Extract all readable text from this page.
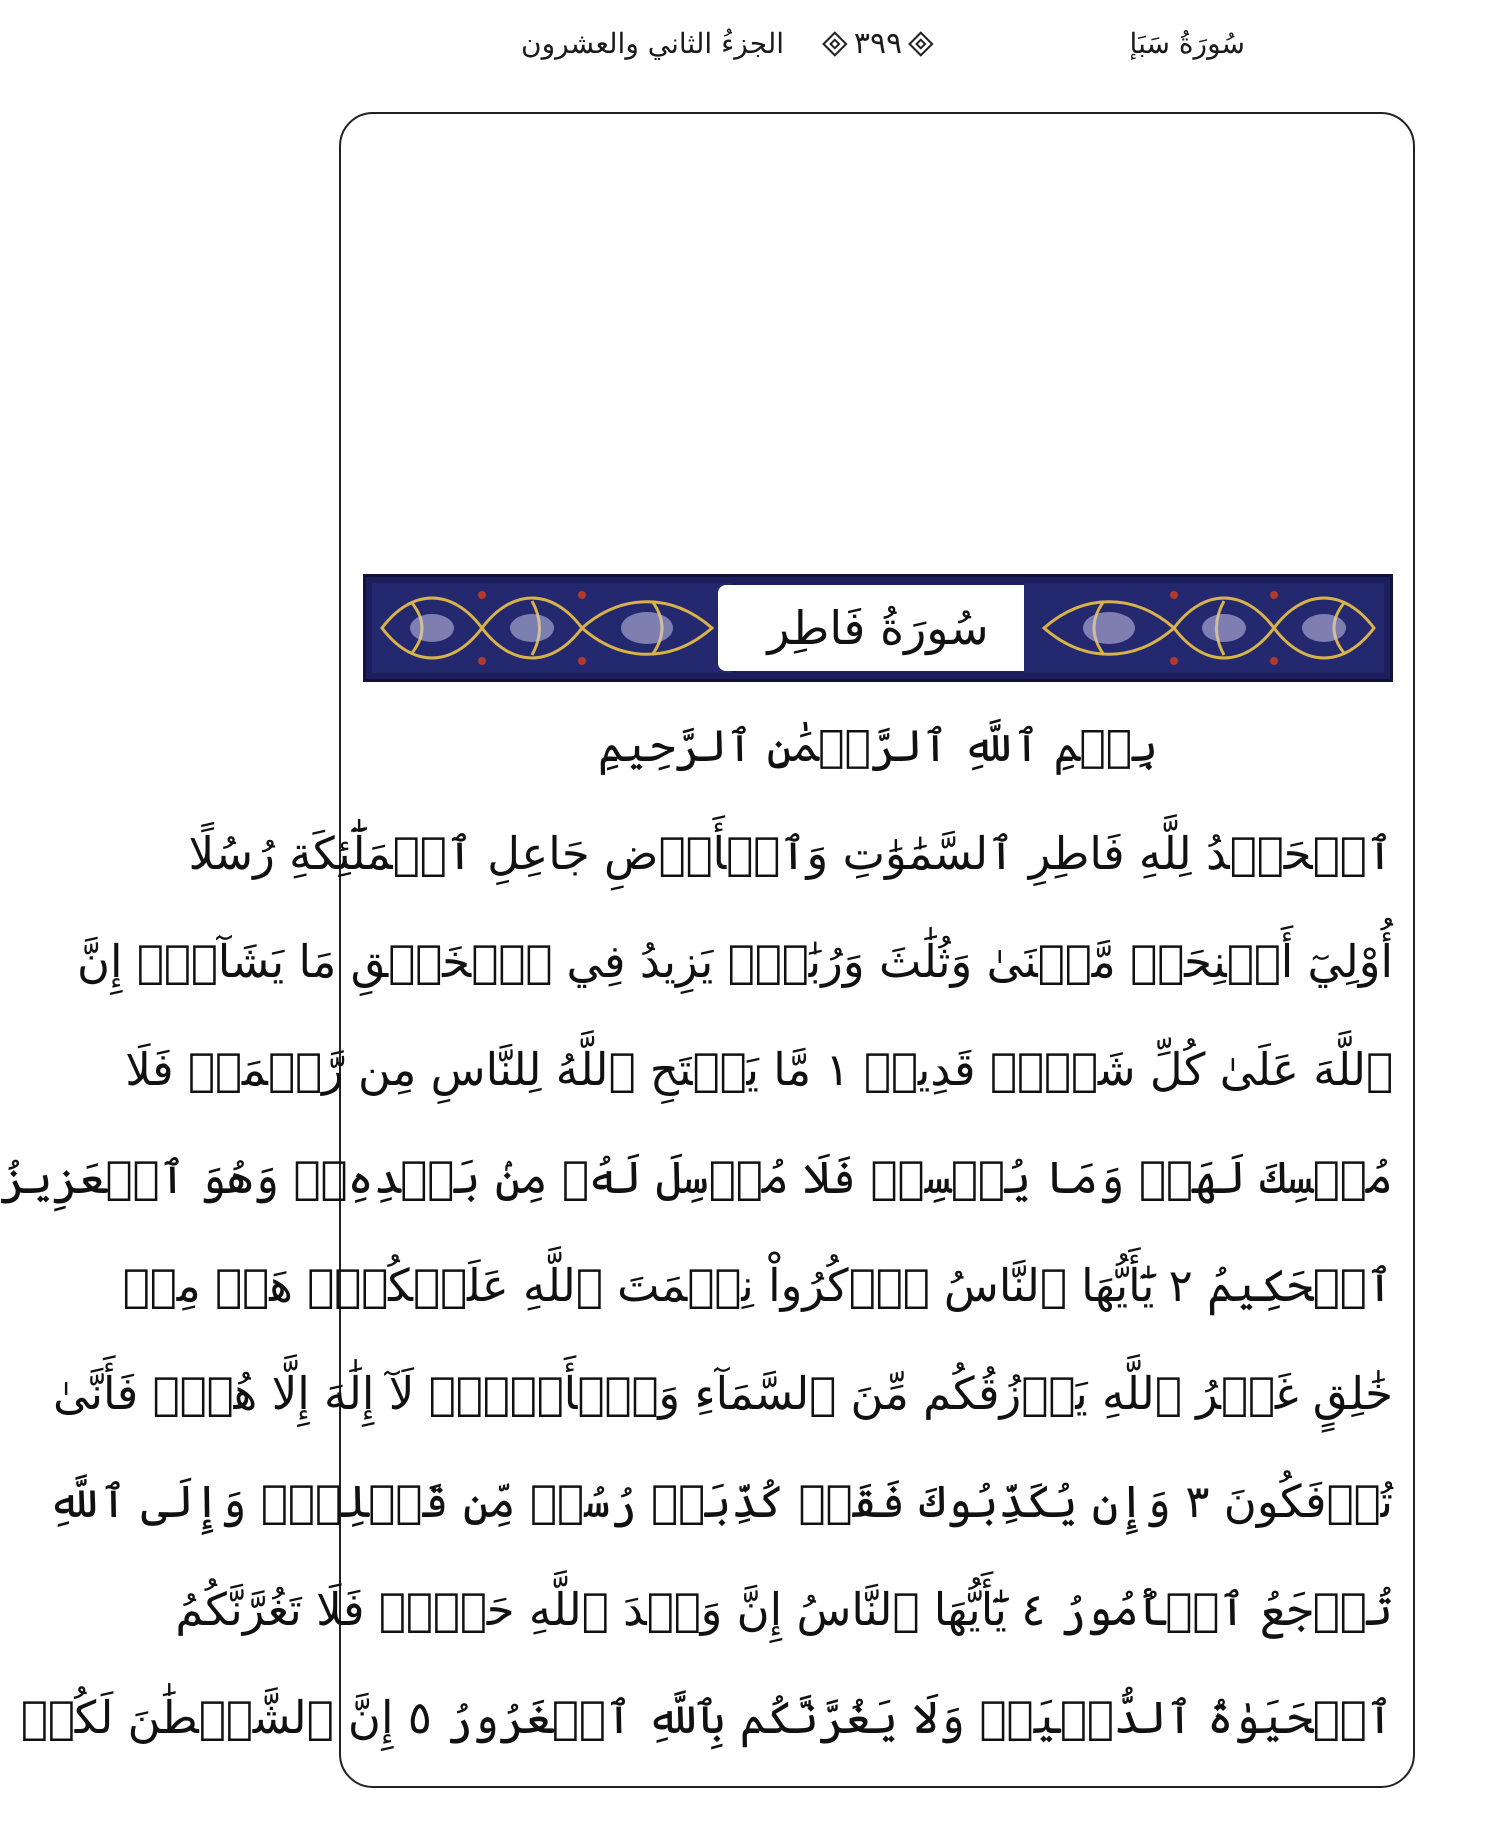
سُورَةُ سَبَإ
٣٩٩
الجزءُ الثاني والعشرون
سُورَةُ فَاطِر
بِسۡمِ ٱللَّهِ ٱلرَّحۡمَٰنِ ٱلرَّحِيمِ
ٱلۡحَمۡدُ لِلَّهِ فَاطِرِ ٱلسَّمَٰوَٰتِ وَٱلۡأَرۡضِ جَاعِلِ ٱلۡمَلَٰٓئِكَةِ رُسُلًا
أُوْلِيٓ أَجۡنِحَةٖ مَّثۡنَىٰ وَثُلَٰثَ وَرُبَٰعَۚ يَزِيدُ فِي ٱلۡخَلۡقِ مَا يَشَآءُۚ إِنَّ
ٱللَّهَ عَلَىٰ كُلِّ شَيۡءٖ قَدِيرٞ ١ مَّا يَفۡتَحِ ٱللَّهُ لِلنَّاسِ مِن رَّحۡمَةٖ فَلَا
مُمۡسِكَ لَهَاۖ وَمَا يُمۡسِكۡ فَلَا مُرۡسِلَ لَهُۥ مِنۢ بَعۡدِهِۦۚ وَهُوَ ٱلۡعَزِيزُ
ٱلۡحَكِيمُ ٢ يَٰٓأَيُّهَا ٱلنَّاسُ ٱذۡكُرُواْ نِعۡمَتَ ٱللَّهِ عَلَيۡكُمۡۚ هَلۡ مِنۡ
خَٰلِقٍ غَيۡرُ ٱللَّهِ يَرۡزُقُكُم مِّنَ ٱلسَّمَآءِ وَٱلۡأَرۡضِۚ لَآ إِلَٰهَ إِلَّا هُوَۖ فَأَنَّىٰ
تُؤۡفَكُونَ ٣ وَإِن يُكَذِّبُوكَ فَقَدۡ كُذِّبَتۡ رُسُلٞ مِّن قَبۡلِكَۚ وَإِلَى ٱللَّهِ
تُرۡجَعُ ٱلۡأُمُورُ ٤ يَٰٓأَيُّهَا ٱلنَّاسُ إِنَّ وَعۡدَ ٱللَّهِ حَقّٞۖ فَلَا تَغُرَّنَّكُمُ
ٱلۡحَيَوٰةُ ٱلدُّنۡيَاۖ وَلَا يَغُرَّنَّكُم بِٱللَّهِ ٱلۡغَرُورُ ٥ إِنَّ ٱلشَّيۡطَٰنَ لَكُمۡ
